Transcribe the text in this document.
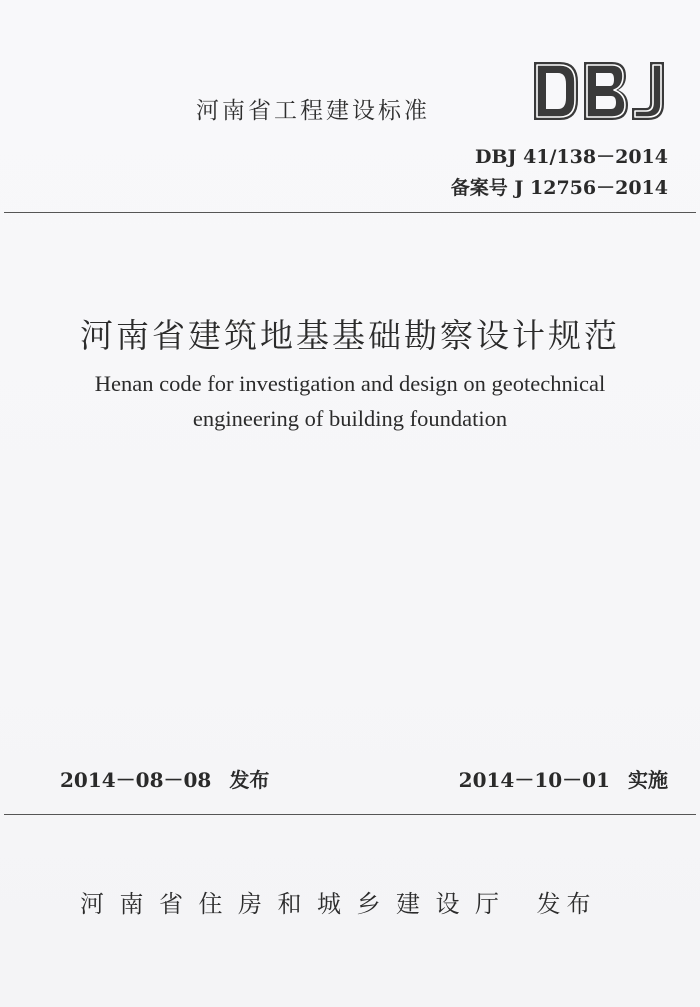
河南省工程建设标准
DBJ 41/138－2014
备案号 J 12756－2014
河南省建筑地基基础勘察设计规范
Henan code for investigation and design on geotechnical
engineering of building foundation
2014－08－08 发布	2014－10－01 实施
河南省住房和城乡建设厅 发布
